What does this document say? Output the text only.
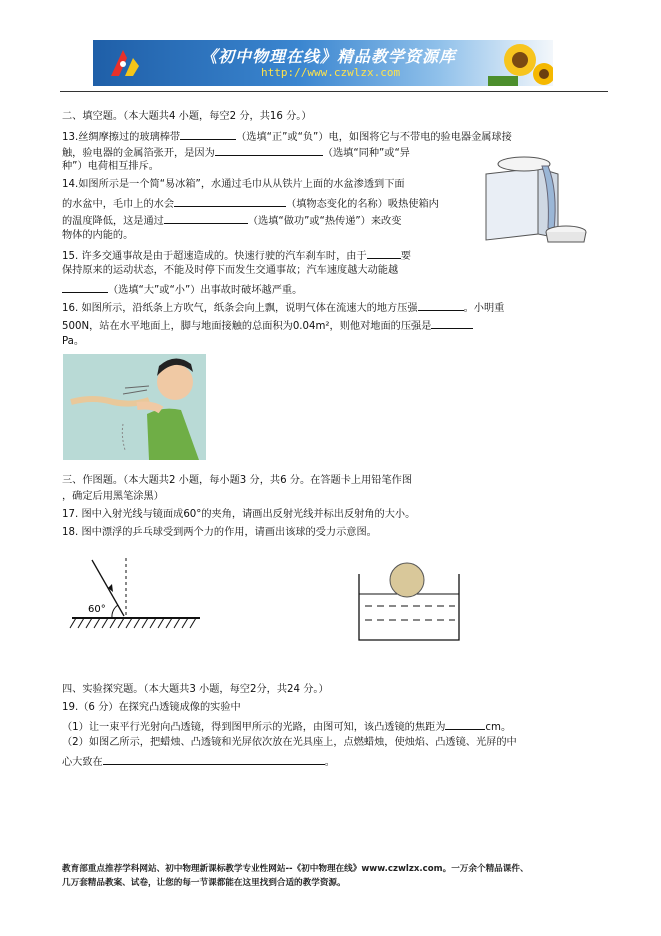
《初中物理在线》精品教学资源库
http://www.czwlzx.com
二、填空题。（本大题共4 小题，每空2 分，共16 分。）
13.丝绸摩擦过的玻璃棒带	（选填“正”或“负”）电，如图将它与不带电的验电器金属球接
触，验电器的金属箔张开，是因为	（选填“同种”或“异
种”）电荷相互排斥。
14.如图所示是一个简“易冰箱”，水通过毛巾从从铁片上面的水盆渗透到下面
的水盆中，毛巾上的水会	（填物态变化的名称）吸热使箱内
的温度降低，这是通过	（选填“做功”或“热传递”）来改变
物体的内能的。
15. 许多交通事故是由于超速造成的。快速行驶的汽车刹车时，由于	要
保持原来的运动状态，不能及时停下而发生交通事故；汽车速度越大动能越
（选填“大”或“小”）出事故时破坏越严重。
16. 如图所示，沿纸条上方吹气，纸条会向上飘，说明气体在流速大的地方压强	。小明重
500N，站在水平地面上，脚与地面接触的总面积为0.04m²，则他对地面的压强是
Pa。
三、作图题。（本大题共2 小题，每小题3 分，共6 分。在答题卡上用铅笔作图
，确定后用黑笔涂黑）
17. 图中入射光线与镜面成60°的夹角，请画出反射光线并标出反射角的大小。
18. 图中漂浮的乒乓球受到两个力的作用，请画出该球的受力示意图。
60°
四、实验探究题。（本大题共3 小题，每空2分，共24 分。）
19.（6 分）在探究凸透镜成像的实验中
（1）让一束平行光射向凸透镜，得到图甲所示的光路，由图可知，该凸透镜的焦距为	cm。
（2）如图乙所示，把蜡烛、凸透镜和光屏依次放在光具座上，点燃蜡烛，使烛焰、凸透镜、光屏的中
心大致在	。
教育部重点推荐学科网站、初中物理新课标教学专业性网站--《初中物理在线》www.czwlzx.com。一万余个精品课件、
几万套精品教案、试卷，让您的每一节课都能在这里找到合适的教学资源。
